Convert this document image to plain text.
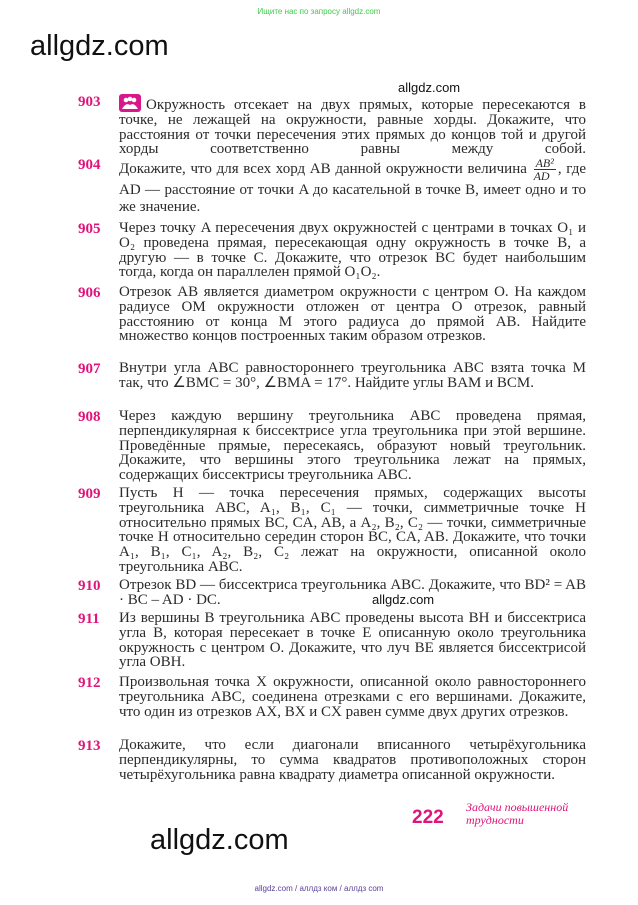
Ищите нас по запросу allgdz.com
allgdz.com
allgdz.com
903	Окружность отсекает на двух прямых, которые пересекаются в точке, не лежащей на окружности, равные хорды. Докажите, что расстояния от точки пересечения этих прямых до концов той и другой хорды соответственно равны между собой.
904 Докажите, что для всех хорд AB данной окружности величина $\frac{\text{AB²}}{AD}$ , где AD — расстояние от точки A до касательной в точке B, имеет одно и то же значение.
905 Через точку A пересечения двух окружностей с центрами в точках O₁ и O₂ проведена прямая, пересекающая одну окружность в точке B, а другую — в точке C. Докажите, что отрезок BC будет наибольшим тогда, когда он параллелен прямой O₁O₂.
906 Отрезок AB является диаметром окружности с центром O. На каждом радиусе OM окружности отложен от центра O отрезок, равный расстоянию от конца M этого радиуса до прямой AB. Найдите множество концов построенных таким образом отрезков.
907 Внутри угла ABC равностороннего треугольника ABC взята точка M так, что ∠BMC = 30°, ∠BMA = 17°. Найдите углы BAM и BCM.
908 Через каждую вершину треугольника ABC проведена прямая, перпендикулярная к биссектрисе угла треугольника при этой вершине. Проведённые прямые, пересекаясь, образуют новый треугольник. Докажите, что вершины этого треугольника лежат на прямых, содержащих биссектрисы треугольника ABC.
909 Пусть H — точка пересечения прямых, содержащих высоты треугольника ABC, A₁, B₁, C₁ — точки, симметричные точке H относительно прямых BC, CA, AB, а A₂, B₂, C₂ — точки, симметричные точке H относительно середин сторон BC, CA, AB. Докажите, что точки A₁, B₁, C₁, A₂, B₂, C₂ лежат на окружности, описанной около треугольника ABC.
910 Отрезок BD — биссектриса треугольника ABC. Докажите, что BD² = AB · BC – AD · DC.	allgdz.com
911 Из вершины B треугольника ABC проведены высота BH и биссектриса угла B, которая пересекает в точке E описанную около треугольника окружность с центром O. Докажите, что луч BE является биссектрисой угла OBH.
912 Произвольная точка X окружности, описанной около равностороннего треугольника ABC, соединена отрезками с его вершинами. Докажите, что один из отрезков AX, BX и CX равен сумме двух других отрезков.
913 Докажите, что если диагонали вписанного четырёхугольника перпендикулярны, то сумма квадратов противоположных сторон четырёхугольника равна квадрату диаметра описанной окружности.
222 Задачи повышенной
трудности
allgdz.com
allgdz.com / аллдз ком / аллдз com
